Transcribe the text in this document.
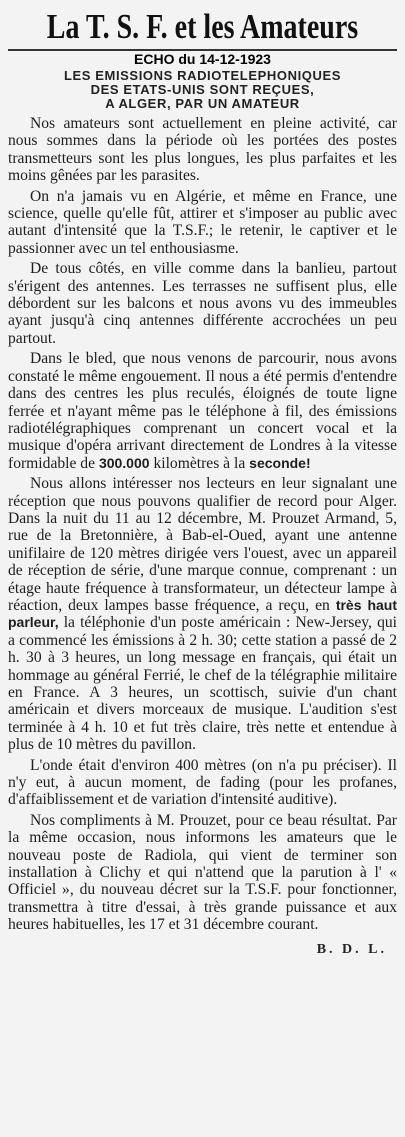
La T. S. F. et les Amateurs
ECHO du 14-12-1923
LES EMISSIONS RADIOTELEPHONIQUES
DES ETATS-UNIS SONT REÇUES,
A ALGER, PAR UN AMATEUR

Nos amateurs sont actuellement en pleine activité, car nous sommes dans la période où les portées des postes transmetteurs sont les plus longues, les plus parfaites et les moins gênées par les parasites.

On n'a jamais vu en Algérie, et même en France, une science, quelle qu'elle fût, attirer et s'imposer au public avec autant d'intensité que la T.S.F.; le retenir, le captiver et le passionner avec un tel enthousiasme.

De tous côtés, en ville comme dans la banlieu, partout s'érigent des antennes. Les terrasses ne suffisent plus, elle débordent sur les balcons et nous avons vu des immeubles ayant jusqu'à cinq antennes différente accrochées un peu partout.

Dans le bled, que nous venons de parcourir, nous avons constaté le même engouement. Il nous a été permis d'entendre dans des centres les plus reculés, éloignés de toute ligne ferrée et n'ayant même pas le téléphone à fil, des émissions radiotélégraphiques comprenant un concert vocal et la musique d'opéra arrivant directement de Londres à la vitesse formidable de 300.000 kilomètres à la seconde!

Nous allons intéresser nos lecteurs en leur signalant une réception que nous pouvons qualifier de record pour Alger. Dans la nuit du 11 au 12 décembre, M. Prouzet Armand, 5, rue de la Bretonnière, à Bab-el-Oued, ayant une antenne unifilaire de 120 mètres dirigée vers l'ouest, avec un appareil de réception de série, d'une marque connue, comprenant : un étage haute fréquence à transformateur, un détecteur lampe à réaction, deux lampes basse fréquence, a reçu, en très haut parleur, la téléphonie d'un poste américain : New-Jersey, qui a commencé les émissions à 2 h. 30; cette station a passé de 2 h. 30 à 3 heures, un long message en français, qui était un hommage au général Ferrié, le chef de la télégraphie militaire en France. A 3 heures, un scottisch, suivie d'un chant américain et divers morceaux de musique. L'audition s'est terminée à 4 h. 10 et fut très claire, très nette et entendue à plus de 10 mètres du pavillon.

L'onde était d'environ 400 mètres (on n'a pu préciser). Il n'y eut, à aucun moment, de fading (pour les profanes, d'affaiblissement et de variation d'intensité auditive).

Nos compliments à M. Prouzet, pour ce beau résultat. Par la même occasion, nous informons les amateurs que le nouveau poste de Radiola, qui vient de terminer son installation à Clichy et qui n'attend que la parution à l' « Officiel », du nouveau décret sur la T.S.F. pour fonctionner, transmettra à titre d'essai, à très grande puissance et aux heures habituelles, les 17 et 31 décembre courant.

B. D. L.
